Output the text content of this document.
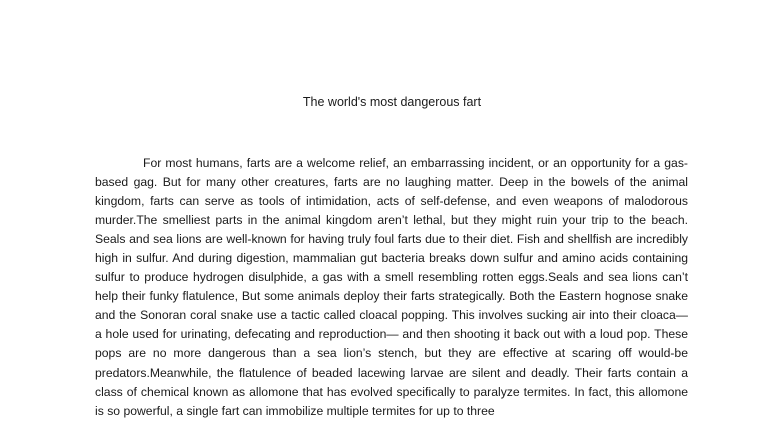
The world's most dangerous fart

For most humans, farts are a welcome relief, an embarrassing incident, or an opportunity for a gas-based gag. But for many other creatures, farts are no laughing matter. Deep in the bowels of the animal kingdom, farts can serve as tools of intimidation, acts of self-defense, and even weapons of malodorous murder.The smelliest parts in the animal kingdom aren’t lethal, but they might ruin your trip to the beach. Seals and sea lions are well-known for having truly foul farts due to their diet. Fish and shellfish are incredibly high in sulfur. And during digestion, mammalian gut bacteria breaks down sulfur and amino acids containing sulfur to produce hydrogen disulphide, a gas with a smell resembling rotten eggs.Seals and sea lions can’t help their funky flatulence, But some animals deploy their farts strategically. Both the Eastern hognose snake and the Sonoran coral snake use a tactic called cloacal popping. This involves sucking air into their cloaca— a hole used for urinating, defecating and reproduction— and then shooting it back out with a loud pop. These pops are no more dangerous than a sea lion’s stench, but they are effective at scaring off would-be predators.Meanwhile, the flatulence of beaded lacewing larvae are silent and deadly. Their farts contain a class of chemical known as allomone that has evolved specifically to paralyze termites. In fact, this allomone is so powerful, a single fart can immobilize multiple termites for up to three
